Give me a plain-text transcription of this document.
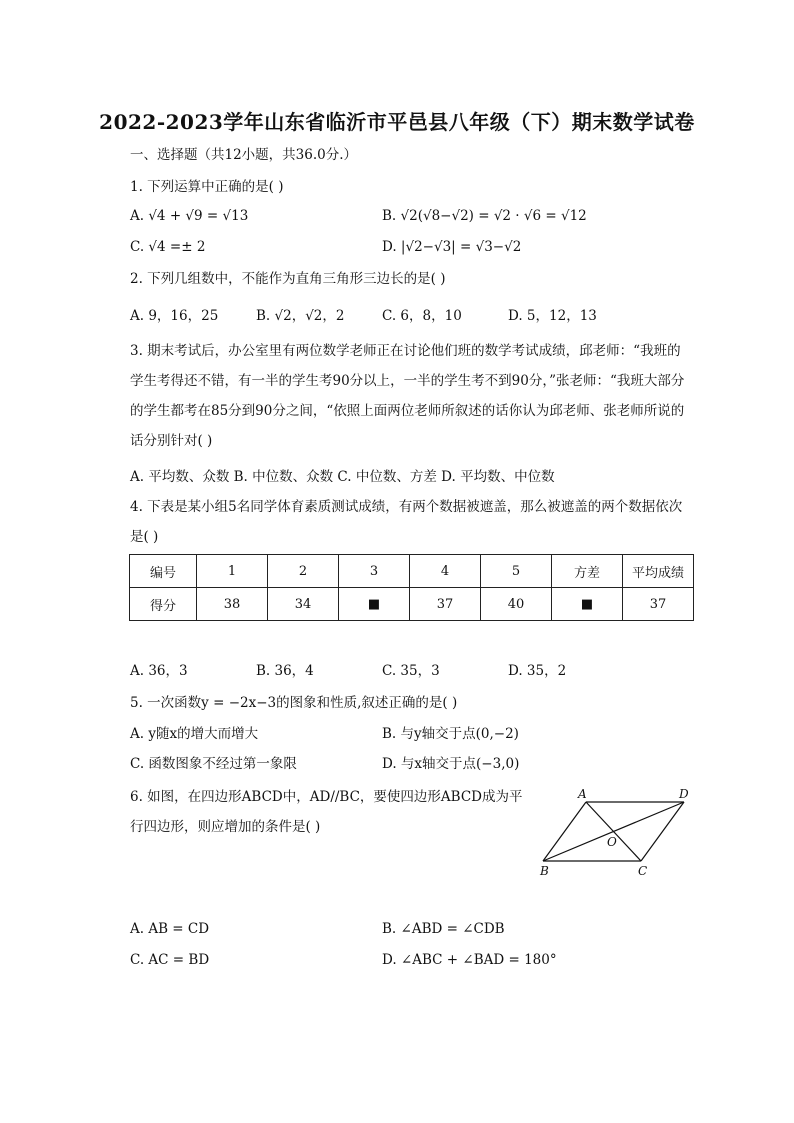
2022-2023学年山东省临沂市平邑县八年级（下）期末数学试卷
一、选择题（共12小题，共36.0分.）
1. 下列运算中正确的是( )
A. √4 + √9 = √13	B. √2(√8−√2) = √2 · √6 = √12
C. √4 =± 2	D. |√2−√3| = √3−√2
2. 下列几组数中，不能作为直角三角形三边长的是( )
A. 9，16，25	B. √2，√2，2	C. 6，8，10	D. 5，12，13
3. 期末考试后，办公室里有两位数学老师正在讨论他们班的数学考试成绩，邱老师：“我班的学生考得还不错，有一半的学生考90分以上，一半的学生考不到90分，”张老师：“我班大部分的学生都考在85分到90分之间，“依照上面两位老师所叙述的话你认为邱老师、张老师所说的话分别针对( )
A. 平均数、众数 B. 中位数、众数 C. 中位数、方差 D. 平均数、中位数
4. 下表是某小组5名同学体育素质测试成绩，有两个数据被遮盖，那么被遮盖的两个数据依次是( )
编号	1	2	3	4	5	方差	平均成绩
得分	38	34	■	37	40	■	37
A. 36，3	B. 36，4	C. 35，3	D. 35，2
5. 一次函数y = −2x−3的图象和性质,叙述正确的是( )
A. y随x的增大而增大	B. 与y轴交于点(0,−2)
C. 函数图象不经过第一象限	D. 与x轴交于点(−3,0)
6. 如图，在四边形ABCD中，AD//BC，要使四边形ABCD成为平
行四边形，则应增加的条件是( )
A	D
B	C
O
A. AB = CD	B. ∠ABD = ∠CDB
C. AC = BD	D. ∠ABC + ∠BAD = 180°
